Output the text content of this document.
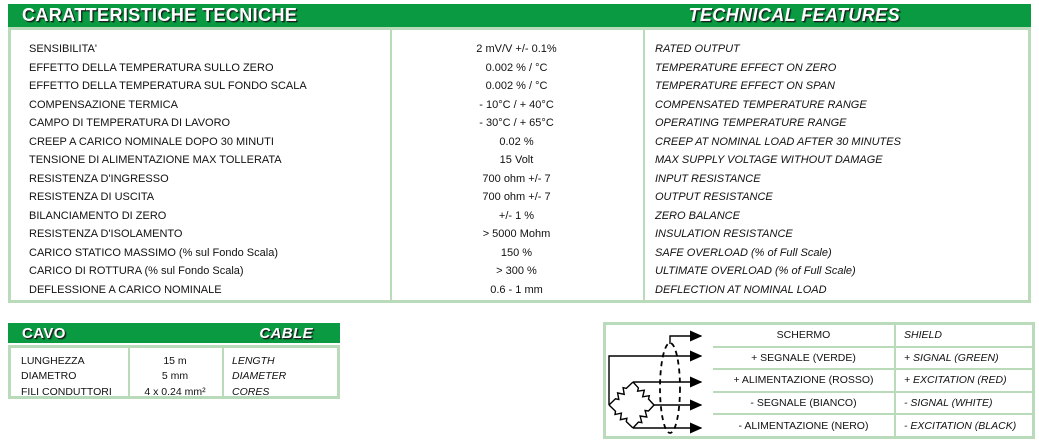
CARATTERISTICHE TECNICHE	TECHNICAL FEATURES
SENSIBILITA'	2 mV/V +/- 0.1%	RATED OUTPUT
EFFETTO DELLA TEMPERATURA SULLO ZERO	0.002 % / °C	TEMPERATURE EFFECT ON ZERO
EFFETTO DELLA TEMPERATURA SUL FONDO SCALA	0.002 % / °C	TEMPERATURE EFFECT ON SPAN
COMPENSAZIONE TERMICA	- 10°C / + 40°C	COMPENSATED TEMPERATURE RANGE
CAMPO DI TEMPERATURA DI LAVORO	- 30°C / + 65°C	OPERATING TEMPERATURE RANGE
CREEP A CARICO NOMINALE DOPO 30 MINUTI	0.02 %	CREEP AT NOMINAL LOAD AFTER 30 MINUTES
TENSIONE DI ALIMENTAZIONE MAX TOLLERATA	15 Volt	MAX SUPPLY VOLTAGE WITHOUT DAMAGE
RESISTENZA D'INGRESSO	700 ohm +/- 7	INPUT RESISTANCE
RESISTENZA DI USCITA	700 ohm +/- 7	OUTPUT RESISTANCE
BILANCIAMENTO DI ZERO	+/- 1 %	ZERO BALANCE
RESISTENZA D'ISOLAMENTO	> 5000 Mohm	INSULATION RESISTANCE
CARICO STATICO MASSIMO (% sul Fondo Scala)	150 %	SAFE OVERLOAD (% of Full Scale)
CARICO DI ROTTURA (% sul Fondo Scala)	> 300 %	ULTIMATE OVERLOAD (% of Full Scale)
DEFLESSIONE A CARICO NOMINALE	0.6 - 1 mm	DEFLECTION AT NOMINAL LOAD
CAVO	CABLE
LUNGHEZZA	15 m	LENGTH
DIAMETRO	5 mm	DIAMETER
FILI CONDUTTORI	4 x 0.24 mm²	CORES
SCHERMO	SHIELD
+ SEGNALE (VERDE)	+ SIGNAL (GREEN)
+ ALIMENTAZIONE (ROSSO)	+ EXCITATION (RED)
- SEGNALE (BIANCO)	- SIGNAL (WHITE)
- ALIMENTAZIONE (NERO)	- EXCITATION (BLACK)
